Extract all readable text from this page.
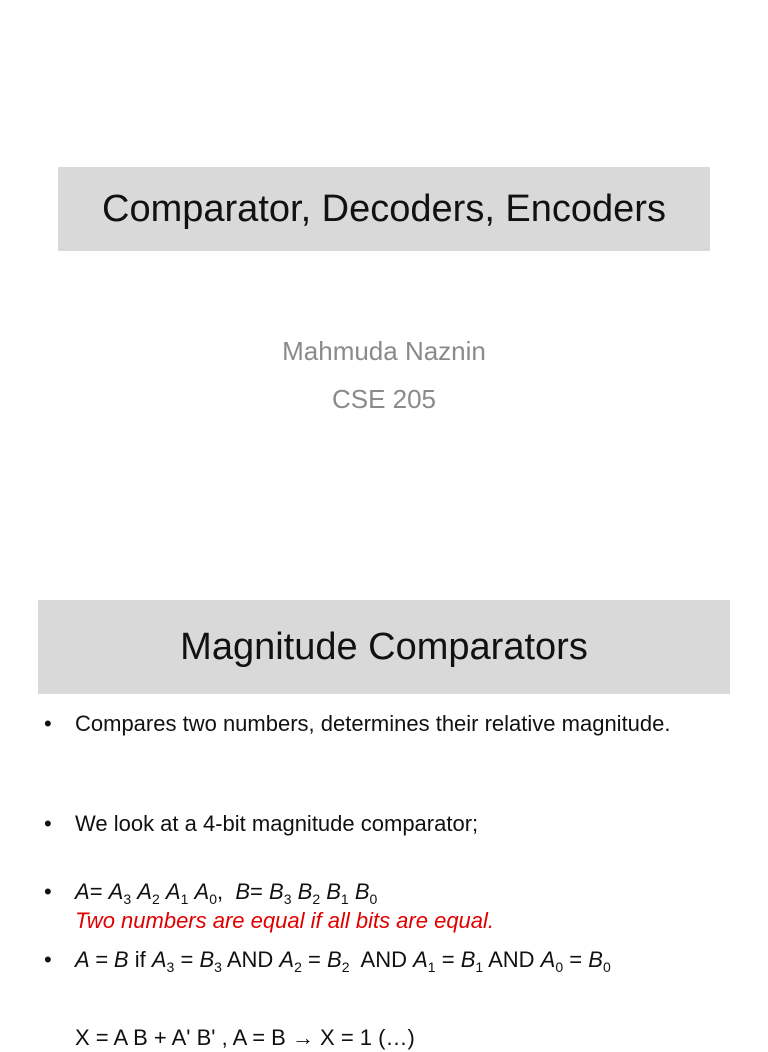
Comparator, Decoders, Encoders
Mahmuda Naznin
CSE 205
Magnitude Comparators
• Compares two numbers, determines their relative magnitude.
• We look at a 4-bit magnitude comparator;
• $A= A_3$ $A_2$ $A_1$ $A_0$, $B= B_3$ $B_2$ $B_1$ $B_0$
Two numbers are equal if all bits are equal.
• A = B if $A_3 = B_3$ AND $A_2 = B_2$ AND $A_1 = B_1$ AND $A_0 = B_0$
X = A B + A' B' , A = B → X = 1 (…)
